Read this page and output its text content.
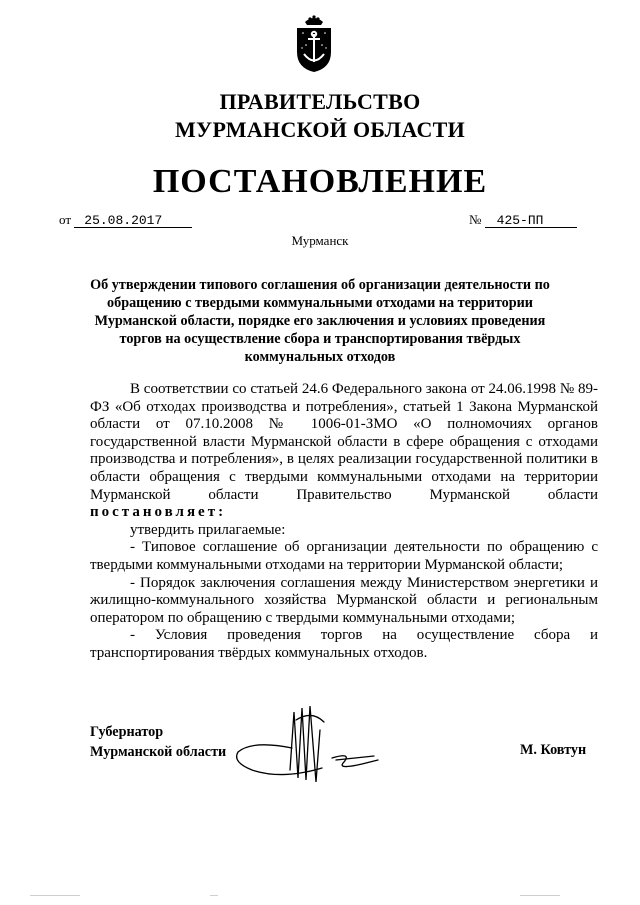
ПРАВИТЕЛЬСТВО
МУРМАНСКОЙ ОБЛАСТИ
ПОСТАНОВЛЕНИЕ
от 25.08.2017	№ 425-ПП
Мурманск
Об утверждении типового соглашения об организации деятельности по обращению с твердыми коммунальными отходами на территории Мурманской области, порядке его заключения и условиях проведения торгов на осуществление сбора и транспортирования твёрдых коммунальных отходов

В соответствии со статьей 24.6 Федерального закона от 24.06.1998 № 89-ФЗ «Об отходах производства и потребления», статьей 1 Закона Мурманской области от 07.10.2008 № 1006-01-ЗМО «О полномочиях органов государственной власти Мурманской области в сфере обращения с отходами производства и потребления», в целях реализации государственной политики в области обращения с твердыми коммунальными отходами на территории Мурманской области Правительство Мурманской области постановляет:

утвердить прилагаемые:

- Типовое соглашение об организации деятельности по обращению с твердыми коммунальными отходами на территории Мурманской области;

- Порядок заключения соглашения между Министерством энергетики и жилищно-коммунального хозяйства Мурманской области и региональным оператором по обращению с твердыми коммунальными отходами;

- Условия проведения торгов на осуществление сбора и транспортирования твёрдых коммунальных отходов.

Губернатор
Мурманской области	М. Ковтун
